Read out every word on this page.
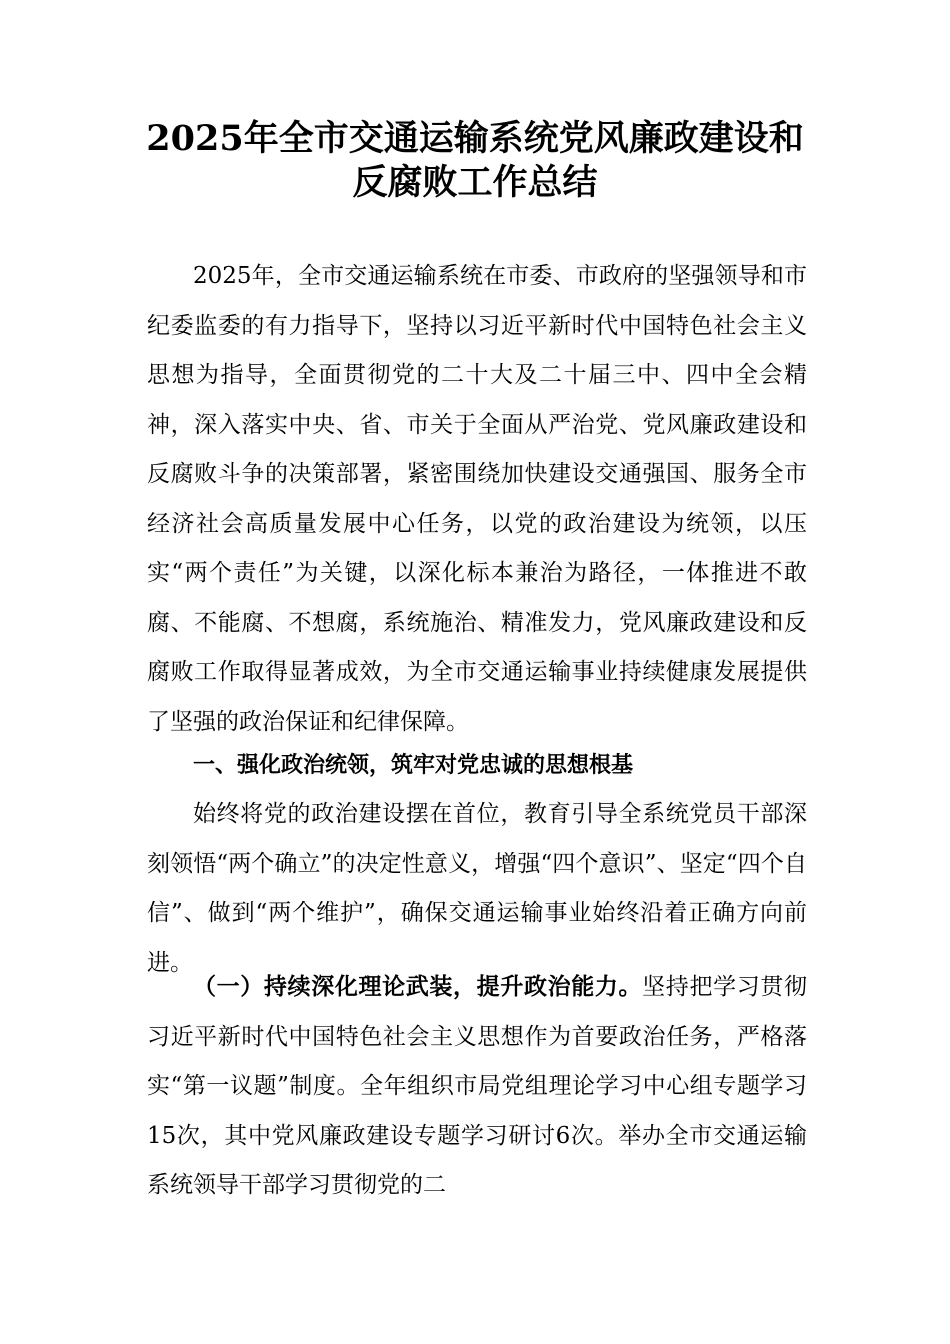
2025年全市交通运输系统党风廉政建设和
反腐败工作总结

2025年，全市交通运输系统在市委、市政府的坚强领导和市纪委监委的有力指导下，坚持以习近平新时代中国特色社会主义思想为指导，全面贯彻党的二十大及二十届三中、四中全会精神，深入落实中央、省、市关于全面从严治党、党风廉政建设和反腐败斗争的决策部署，紧密围绕加快建设交通强国、服务全市经济社会高质量发展中心任务，以党的政治建设为统领，以压实“两个责任”为关键，以深化标本兼治为路径，一体推进不敢腐、不能腐、不想腐，系统施治、精准发力，党风廉政建设和反腐败工作取得显著成效，为全市交通运输事业持续健康发展提供了坚强的政治保证和纪律保障。

一、强化政治统领，筑牢对党忠诚的思想根基

始终将党的政治建设摆在首位，教育引导全系统党员干部深刻领悟“两个确立”的决定性意义，增强“四个意识”、坚定“四个自信”、做到“两个维护”，确保交通运输事业始终沿着正确方向前进。

（一）持续深化理论武装，提升政治能力。坚持把学习贯彻习近平新时代中国特色社会主义思想作为首要政治任务，严格落实“第一议题”制度。全年组织市局党组理论学习中心组专题学习15次，其中党风廉政建设专题学习研讨6次。举办全市交通运输系统领导干部学习贯彻党的二
